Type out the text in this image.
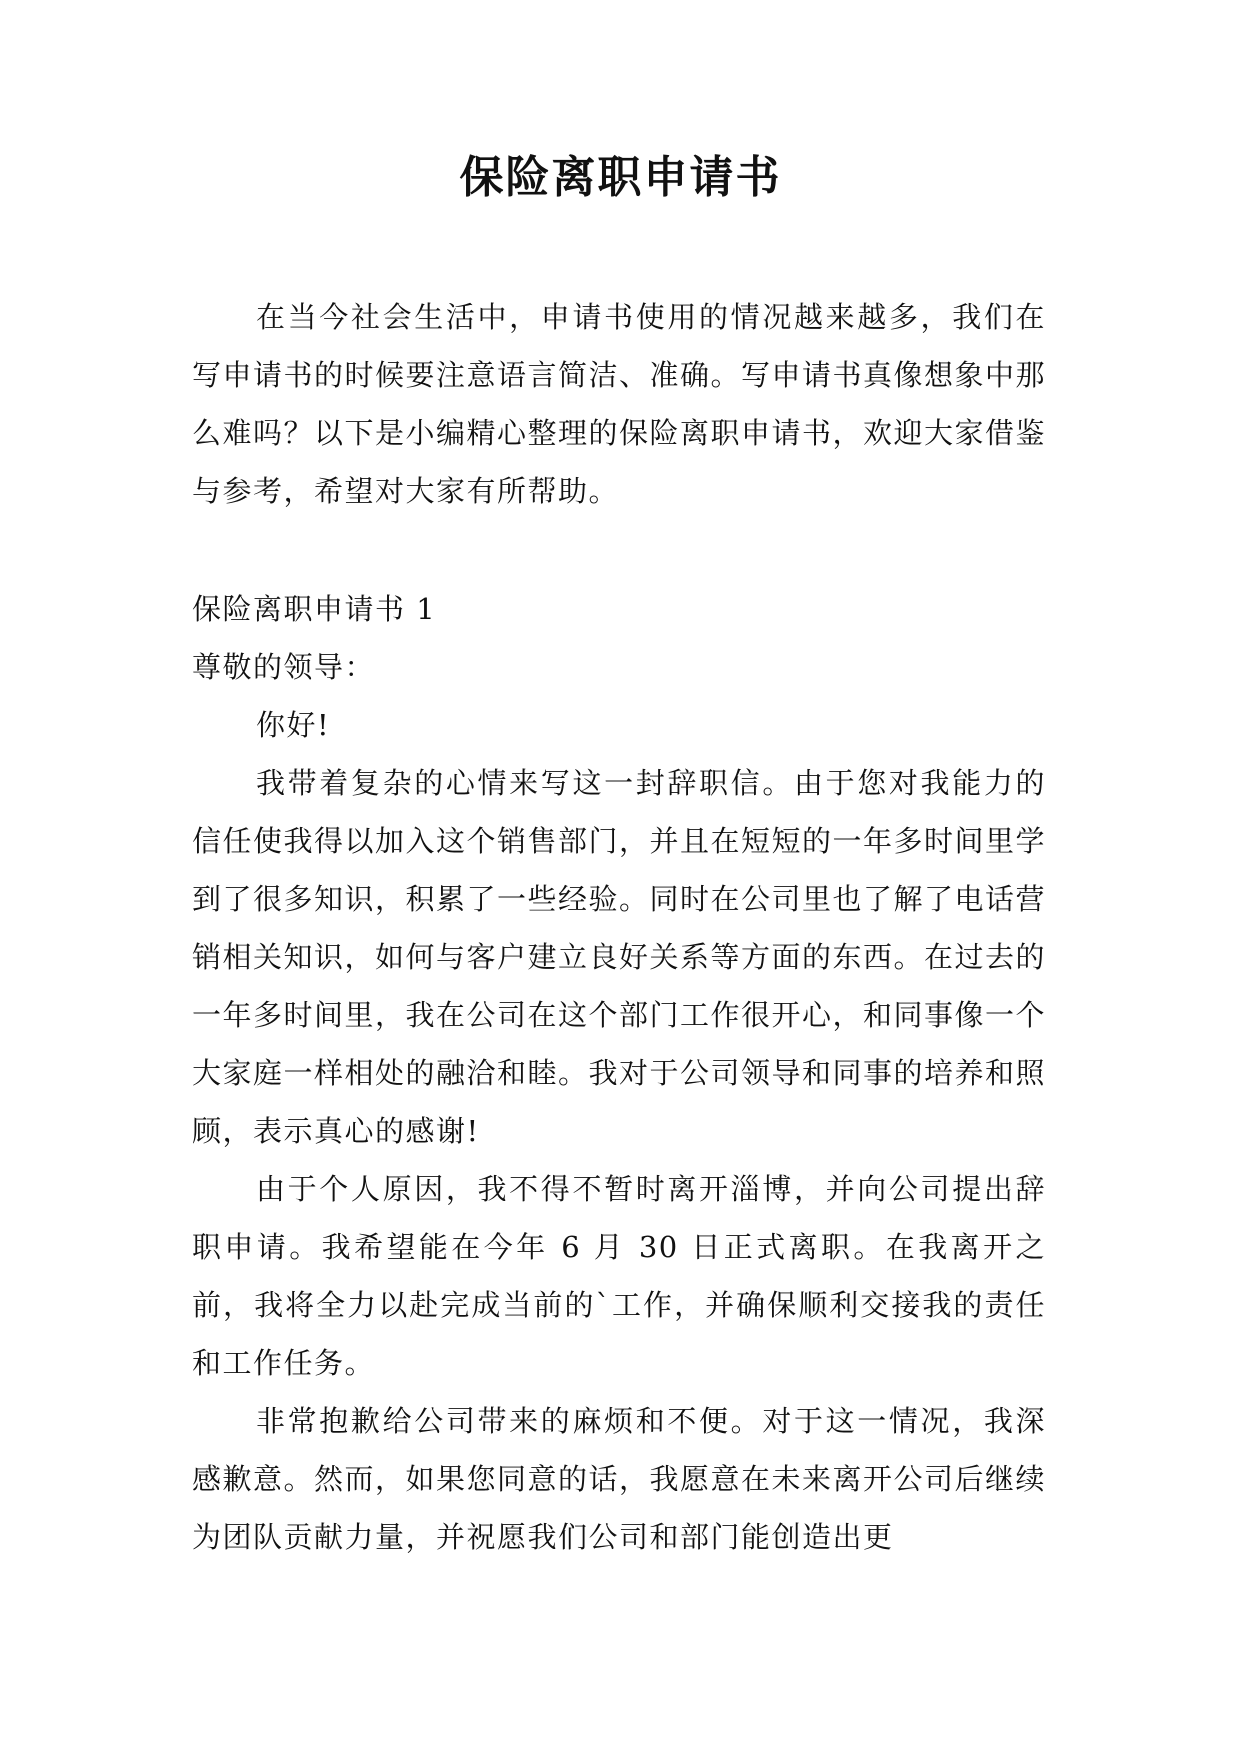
保险离职申请书

在当今社会生活中，申请书使用的情况越来越多，我们在写申请书的时候要注意语言简洁、准确。写申请书真像想象中那么难吗？以下是小编精心整理的保险离职申请书，欢迎大家借鉴与参考，希望对大家有所帮助。

保险离职申请书 1

尊敬的领导：

你好!

我带着复杂的心情来写这一封辞职信。由于您对我能力的信任使我得以加入这个销售部门，并且在短短的一年多时间里学到了很多知识，积累了一些经验。同时在公司里也了解了电话营销相关知识，如何与客户建立良好关系等方面的东西。在过去的一年多时间里，我在公司在这个部门工作很开心，和同事像一个大家庭一样相处的融洽和睦。我对于公司领导和同事的培养和照顾，表示真心的感谢!

由于个人原因，我不得不暂时离开淄博，并向公司提出辞职申请。我希望能在今年 6 月 30 日正式离职。在我离开之前，我将全力以赴完成当前的`工作，并确保顺利交接我的责任和工作任务。

非常抱歉给公司带来的麻烦和不便。对于这一情况，我深感歉意。然而，如果您同意的话，我愿意在未来离开公司后继续为团队贡献力量，并祝愿我们公司和部门能创造出更
